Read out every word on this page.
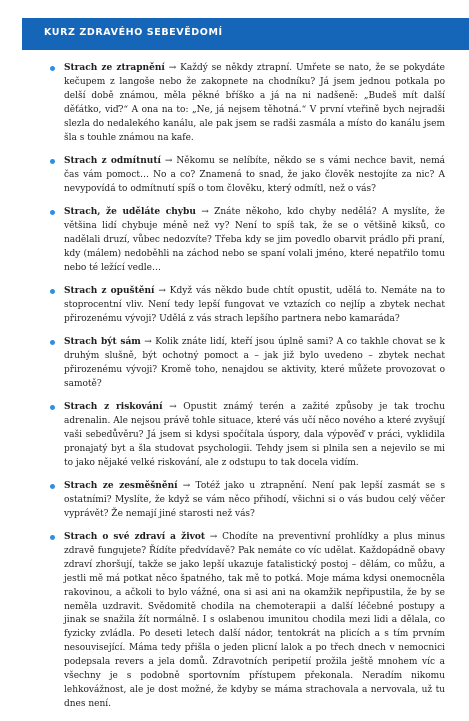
KURZ ZDRAVÉHO SEBEVĚDOMÍ

Strach ze ztrapnění → Každý se někdy ztrapní. Umřete se nato, že se pokydáte kečupem z langoše nebo že zakopnete na chodníku? Já jsem jednou potkala po delší době známou, měla pěkné bříško a já na ni nadšeně: „Budeš mít další děťátko, viď?“ A ona na to: „Ne, já nejsem těhotná.“ V první vteřině bych nejradši slezla do nedalekého kanálu, ale pak jsem se radši zasmála a místo do kanálu jsem šla s touhle známou na kafe.

Strach z odmítnutí → Někomu se nelíbíte, někdo se s vámi nechce bavit, nemá čas vám pomoct… No a co? Znamená to snad, že jako člověk nestojíte za nic? A nevypovídá to odmítnutí spíš o tom člověku, který odmítl, než o vás?

Strach, že uděláte chybu → Znáte někoho, kdo chyby nedělá? A myslíte, že většina lidí chybuje méně než vy? Není to spíš tak, že se o většině kiksů, co nadělali druzí, vůbec nedozvíte? Třeba kdy se jim povedlo obarvit prádlo při praní, kdy (málem) nedoběhli na záchod nebo se spaní volali jméno, které nepatřilo tomu nebo té ležící vedle…

Strach z opuštění → Když vás někdo bude chtít opustit, udělá to. Nemáte na to stoprocentní vliv. Není tedy lepší fungovat ve vztazích co nejlíp a zbytek nechat přirozenému vývoji? Udělá z vás strach lepšího partnera nebo kamaráda?

Strach být sám → Kolik znáte lidí, kteří jsou úplně sami? A co takhle chovat se k druhým slušně, být ochotný pomoct a – jak již bylo uvedeno – zbytek nechat přirozenému vývoji? Kromě toho, nenajdou se aktivity, které můžete provozovat o samotě?

Strach z riskování → Opustit známý terén a zažité způsoby je tak trochu adrenalin. Ale nejsou právě tohle situace, které vás učí něco nového a které zvyšují vaši sebedůvěru? Já jsem si kdysi spočítala úspory, dala výpověď v práci, vyklidila pronajatý byt a šla studovat psychologii. Tehdy jsem si plnila sen a nejevilo se mi to jako nějaké velké riskování, ale z odstupu to tak docela vidím.

Strach ze zesměšnění → Totéž jako u ztrapnění. Není pak lepší zasmát se s ostatními? Myslíte, že když se vám něco přihodí, všichni si o vás budou celý věčer vyprávět? Že nemají jiné starosti než vás?

Strach o své zdraví a život → Chodíte na preventivní prohlídky a plus minus zdravě fungujete? Řídíte předvídavě? Pak nemáte co víc udělat. Každopádně obavy zdraví zhoršují, takže se jako lepší ukazuje fatalistický postoj – dělám, co můžu, a jestli mě má potkat něco špatného, tak mě to potká. Moje máma kdysi onemocněla rakovinou, a ačkoli to bylo vážné, ona si asi ani na okamžik nepřipustila, že by se neměla uzdravit. Svědomitě chodila na chemoterapii a další léčebné postupy a jinak se snažila žít normálně. I s oslabenou imunitou chodila mezi lidi a dělala, co fyzicky zvládla. Po deseti letech další nádor, tentokrát na plicích a s tím prvním nesouvisející. Máma tedy přišla o jeden plicní lalok a po třech dnech v nemocnici podepsala revers a jela domů. Zdravotních peripetií prožila ještě mnohem víc a všechny je s podobně sportovním přístupem překonala. Neradím nikomu lehkovážnost, ale je dost možné, že kdyby se máma strachovala a nervovala, už tu dnes není.
